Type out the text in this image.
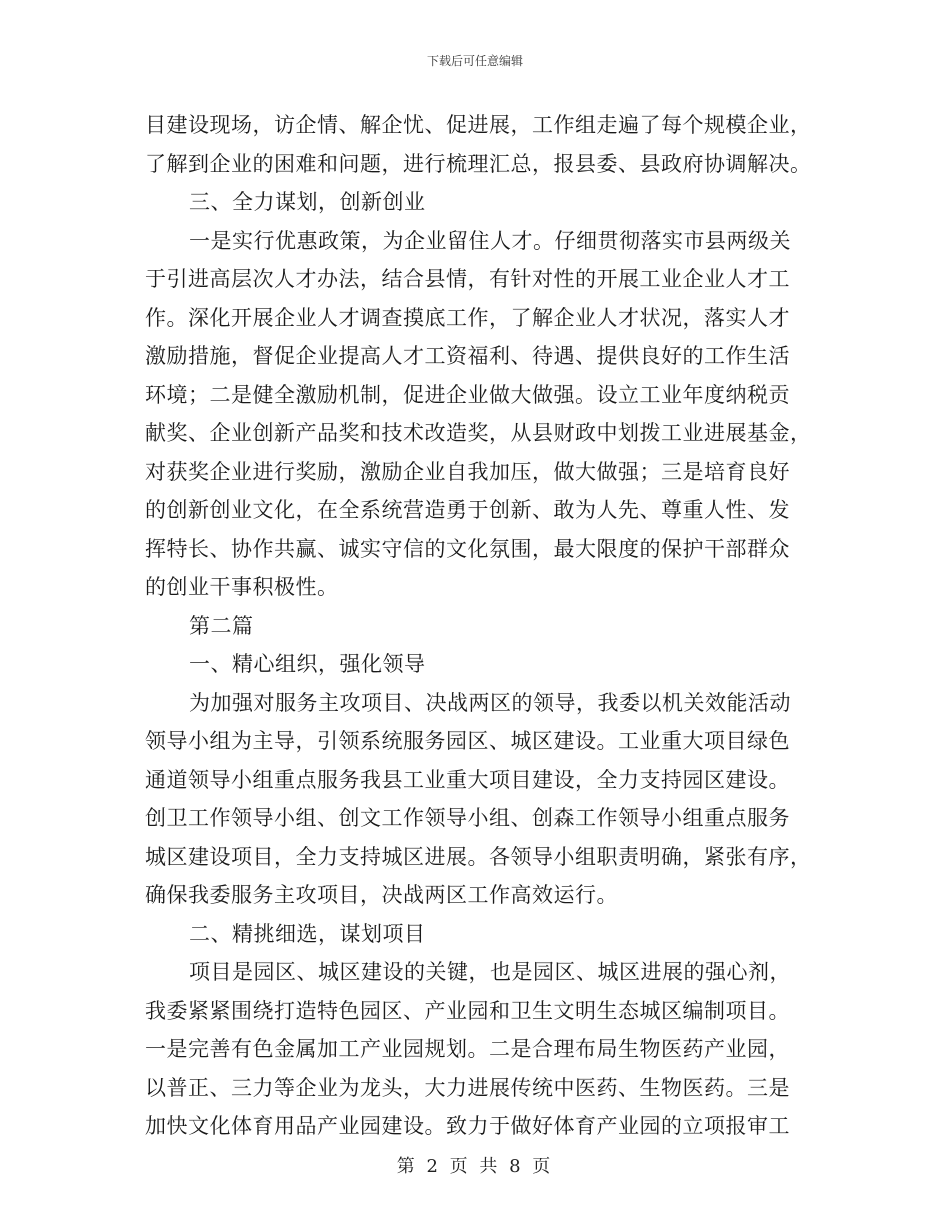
下载后可任意编辑
目建设现场，访企情、解企忧、促进展，工作组走遍了每个规模企业，
了解到企业的困难和问题，进行梳理汇总，报县委、县政府协调解决。
三、全力谋划，创新创业
一是实行优惠政策，为企业留住人才。仔细贯彻落实市县两级关
于引进高层次人才办法，结合县情，有针对性的开展工业企业人才工
作。深化开展企业人才调查摸底工作，了解企业人才状况，落实人才
激励措施，督促企业提高人才工资福利、待遇、提供良好的工作生活
环境；二是健全激励机制，促进企业做大做强。设立工业年度纳税贡
献奖、企业创新产品奖和技术改造奖，从县财政中划拨工业进展基金，
对获奖企业进行奖励，激励企业自我加压，做大做强；三是培育良好
的创新创业文化，在全系统营造勇于创新、敢为人先、尊重人性、发
挥特长、协作共赢、诚实守信的文化氛围，最大限度的保护干部群众
的创业干事积极性。
第二篇
一、精心组织，强化领导
为加强对服务主攻项目、决战两区的领导，我委以机关效能活动
领导小组为主导，引领系统服务园区、城区建设。工业重大项目绿色
通道领导小组重点服务我县工业重大项目建设，全力支持园区建设。
创卫工作领导小组、创文工作领导小组、创森工作领导小组重点服务
城区建设项目，全力支持城区进展。各领导小组职责明确，紧张有序，
确保我委服务主攻项目，决战两区工作高效运行。
二、精挑细选，谋划项目
项目是园区、城区建设的关键，也是园区、城区进展的强心剂，
我委紧紧围绕打造特色园区、产业园和卫生文明生态城区编制项目。
一是完善有色金属加工产业园规划。二是合理布局生物医药产业园，
以普正、三力等企业为龙头，大力进展传统中医药、生物医药。三是
加快文化体育用品产业园建设。致力于做好体育产业园的立项报审工
第 2 页 共 8 页
